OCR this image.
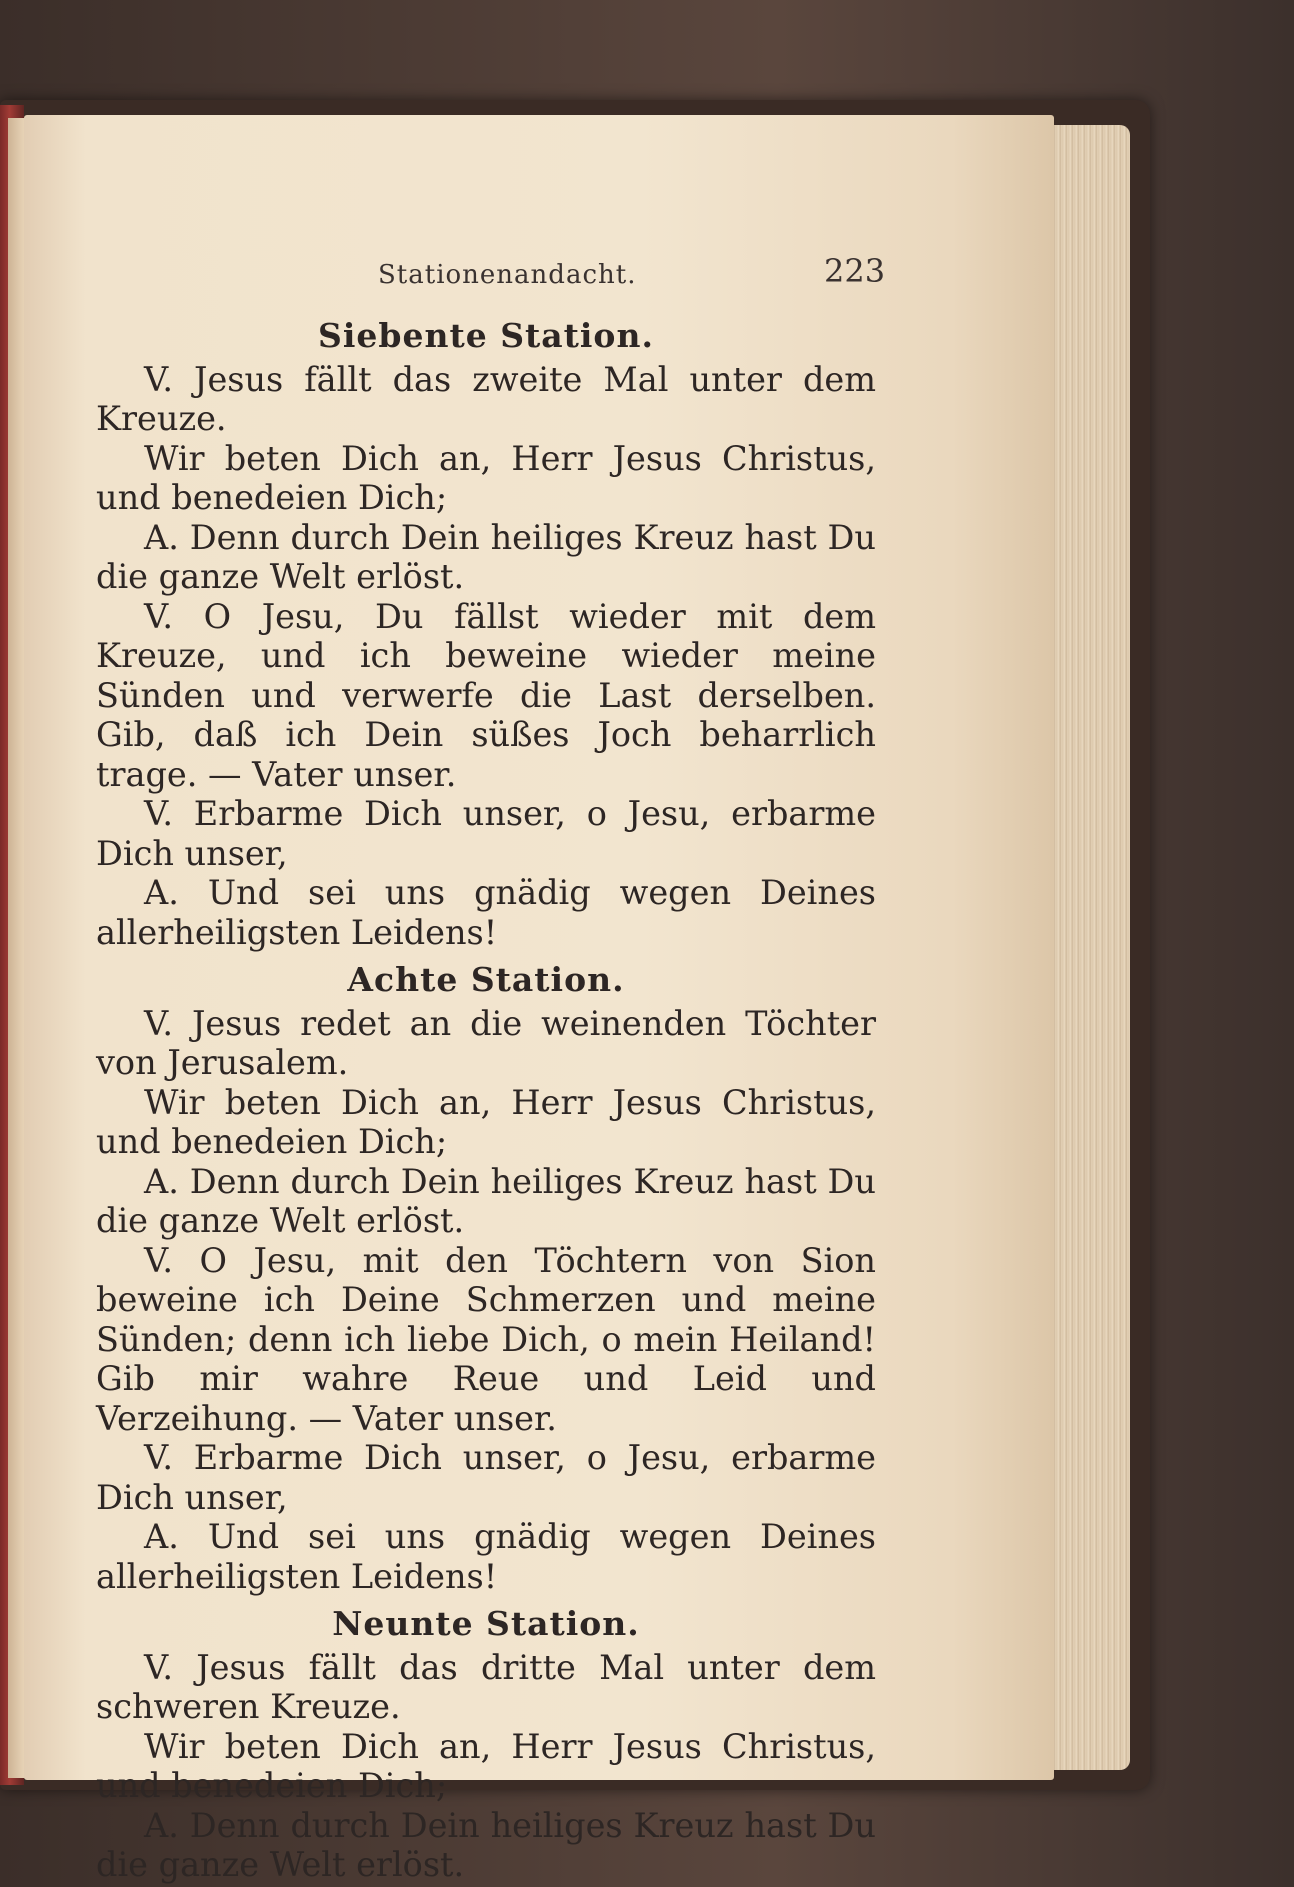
Stationenandacht.	223
Siebente Station.

V. Jesus fällt das zweite Mal unter dem Kreuze.

Wir beten Dich an, Herr Jesus Christus, und benedeien Dich;

A. Denn durch Dein heiliges Kreuz hast Du die ganze Welt erlöst.

V. O Jesu, Du fällst wieder mit dem Kreuze, und ich beweine wieder meine Sünden und verwerfe die Last derselben. Gib, daß ich Dein süßes Joch beharrlich trage. — Vater unser.

V. Erbarme Dich unser, o Jesu, erbarme Dich unser,

A. Und sei uns gnädig wegen Deines allerheiligsten Leidens!

Achte Station.

V. Jesus redet an die weinenden Töchter von Jerusalem.

Wir beten Dich an, Herr Jesus Christus, und benedeien Dich;

A. Denn durch Dein heiliges Kreuz hast Du die ganze Welt erlöst.

V. O Jesu, mit den Töchtern von Sion beweine ich Deine Schmerzen und meine Sünden; denn ich liebe Dich, o mein Heiland! Gib mir wahre Reue und Leid und Verzeihung. — Vater unser.

V. Erbarme Dich unser, o Jesu, erbarme Dich unser,

A. Und sei uns gnädig wegen Deines allerheiligsten Leidens!

Neunte Station.

V. Jesus fällt das dritte Mal unter dem schweren Kreuze.

Wir beten Dich an, Herr Jesus Christus, und benedeien Dich;

A. Denn durch Dein heiliges Kreuz hast Du die ganze Welt erlöst.
